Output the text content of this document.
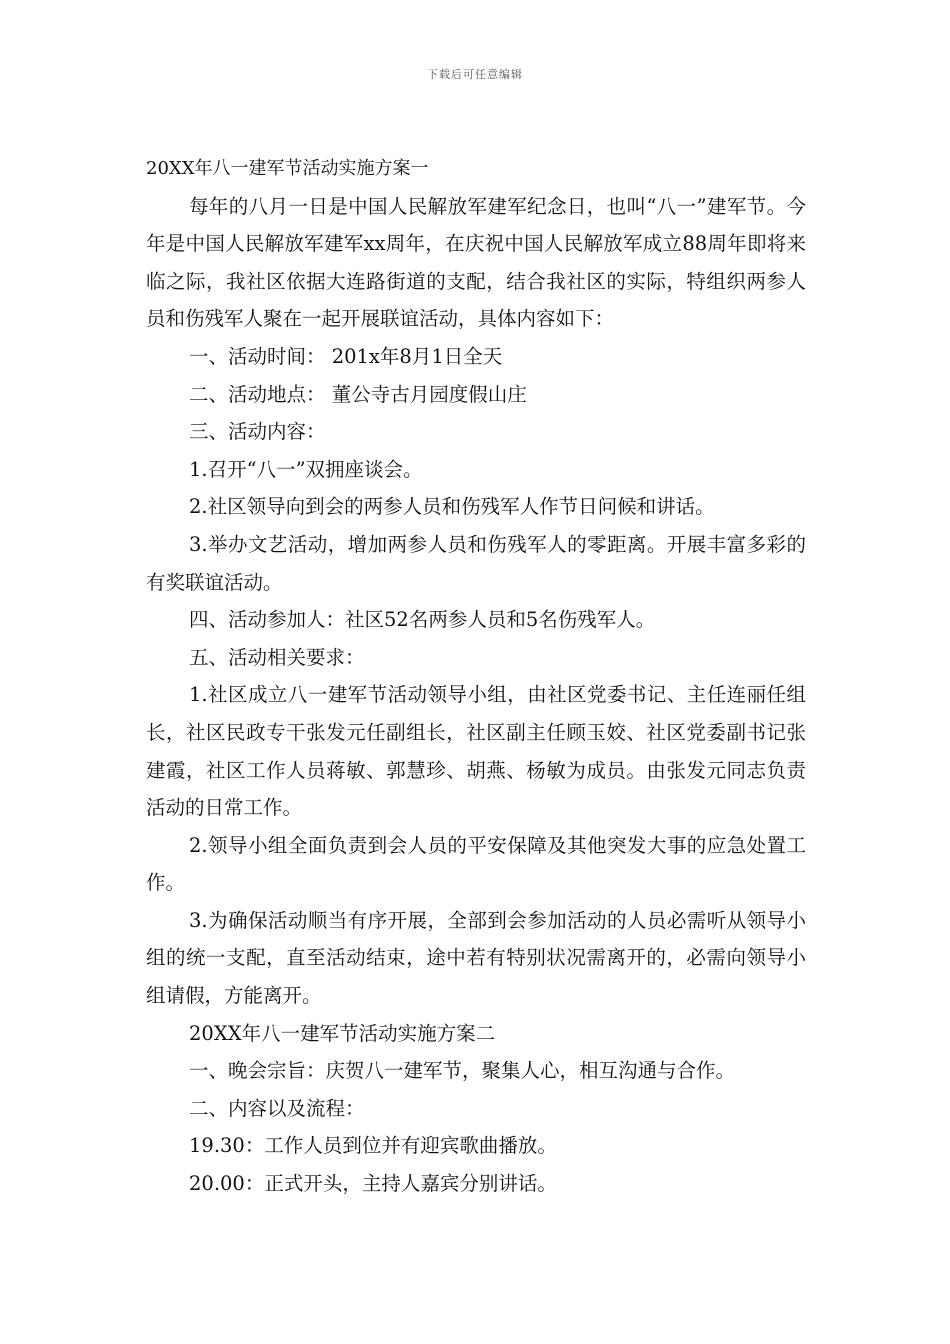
下载后可任意编辑

20XX年八一建军节活动实施方案一

每年的八月一日是中国人民解放军建军纪念日，也叫“八一”建军节。今年是中国人民解放军建军xx周年，在庆祝中国人民解放军成立88周年即将来临之际，我社区依据大连路街道的支配，结合我社区的实际，特组织两参人员和伤残军人聚在一起开展联谊活动，具体内容如下：

一、活动时间： 201x年8月1日全天

二、活动地点： 董公寺古月园度假山庄

三、活动内容：

1.召开“八一”双拥座谈会。

2.社区领导向到会的两参人员和伤残军人作节日问候和讲话。

3.举办文艺活动，增加两参人员和伤残军人的零距离。开展丰富多彩的有奖联谊活动。

四、活动参加人：社区52名两参人员和5名伤残军人。

五、活动相关要求：

1.社区成立八一建军节活动领导小组，由社区党委书记、主任连丽任组长，社区民政专干张发元任副组长，社区副主任顾玉姣、社区党委副书记张建霞，社区工作人员蒋敏、郭慧珍、胡燕、杨敏为成员。由张发元同志负责活动的日常工作。

2.领导小组全面负责到会人员的平安保障及其他突发大事的应急处置工作。

3.为确保活动顺当有序开展，全部到会参加活动的人员必需听从领导小组的统一支配，直至活动结束，途中若有特别状况需离开的，必需向领导小组请假，方能离开。

20XX年八一建军节活动实施方案二

一、晚会宗旨：庆贺八一建军节，聚集人心，相互沟通与合作。

二、内容以及流程：

19.30：工作人员到位并有迎宾歌曲播放。

20.00：正式开头，主持人嘉宾分别讲话。
